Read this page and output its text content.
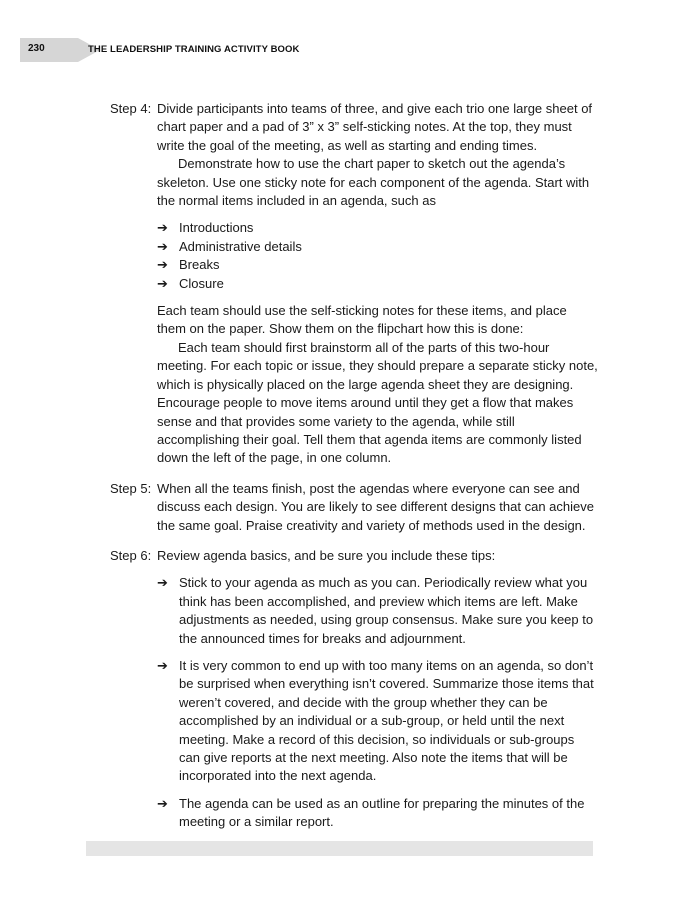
230	THE LEADERSHIP TRAINING ACTIVITY BOOK
Step 4: Divide participants into teams of three, and give each trio one large sheet of chart paper and a pad of 3” x 3” self-sticking notes. At the top, they must write the goal of the meeting, as well as starting and ending times.

Demonstrate how to use the chart paper to sketch out the agenda’s skeleton. Use one sticky note for each component of the agenda. Start with the normal items included in an agenda, such as

➔ Introductions
➔ Administrative details
➔ Breaks
➔ Closure

Each team should use the self-sticking notes for these items, and place them on the paper. Show them on the flipchart how this is done:

Each team should first brainstorm all of the parts of this two-hour meeting. For each topic or issue, they should prepare a separate sticky note, which is physically placed on the large agenda sheet they are designing. Encourage people to move items around until they get a flow that makes sense and that provides some variety to the agenda, while still accomplishing their goal. Tell them that agenda items are commonly listed down the left of the page, in one column.

Step 5: When all the teams finish, post the agendas where everyone can see and discuss each design. You are likely to see different designs that can achieve the same goal. Praise creativity and variety of methods used in the design.

Step 6: Review agenda basics, and be sure you include these tips:

➔ Stick to your agenda as much as you can. Periodically review what you think has been accomplished, and preview which items are left. Make adjustments as needed, using group consensus. Make sure you keep to the announced times for breaks and adjournment.
➔ It is very common to end up with too many items on an agenda, so don’t be surprised when everything isn’t covered. Summarize those items that weren’t covered, and decide with the group whether they can be accomplished by an individual or a sub-group, or held until the next meeting. Make a record of this decision, so individuals or sub-groups can give reports at the next meeting. Also note the items that will be incorporated into the next agenda.
➔ The agenda can be used as an outline for preparing the minutes of the meeting or a similar report.
